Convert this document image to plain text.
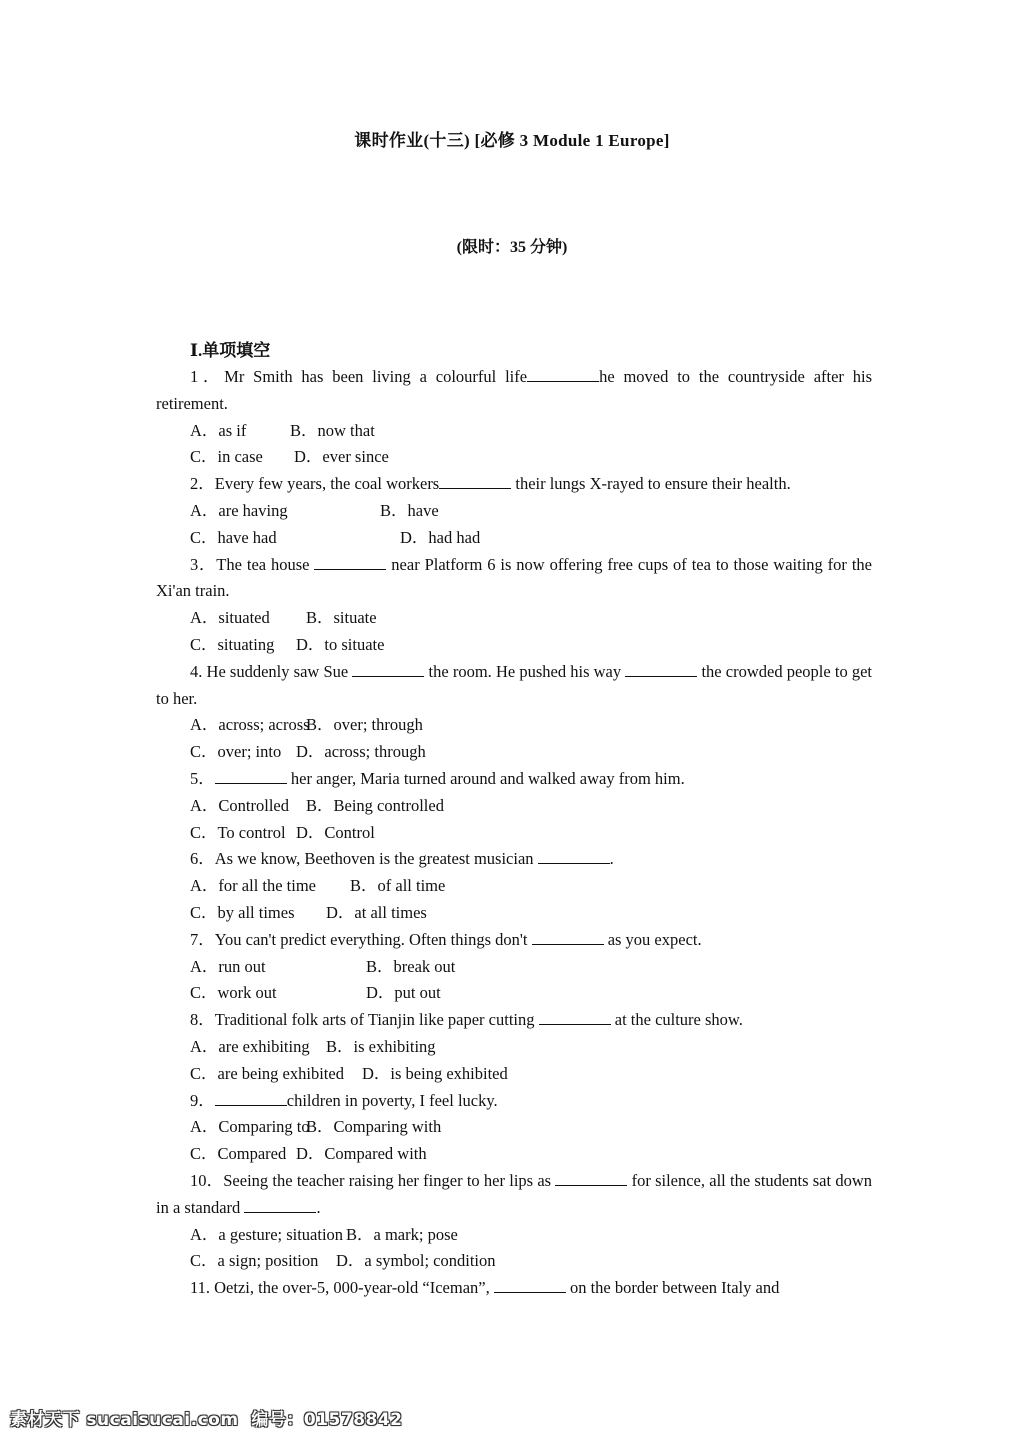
课时作业(十三) [必修 3 Module 1 Europe]
(限时：35 分钟)
Ⅰ.单项填空
1．Mr Smith has been living a colourful life	he moved to the countryside after his retirement.
A．as if	B．now that
C．in case D．ever since
2．Every few years, the coal workers	their lungs X-rayed to ensure their health.
A．are having	B．have
C．have had	D．had had
3．The tea house	near Platform 6 is now offering free cups of tea to those waiting for the Xi'an train.
A．situated B．situate
C．situating D．to situate
4. He suddenly saw Sue	the room. He pushed his way	the crowded people to get to her.
A．across; acrossB．over; through
C．over; into D．across; through
5．	her anger, Maria turned around and walked away from him.
A．Controlled B．Being controlled
C．To control D．Control
6．As we know, Beethoven is the greatest musician	.
A．for all the time B．of all time
C．by all times D．at all times
7．You can't predict everything. Often things don't	as you expect.
A．run out	B．break out
C．work out	D．put out
8．Traditional folk arts of Tianjin like paper cutting	at the culture show.
A．are exhibiting B．is exhibiting
C．are being exhibited D．is being exhibited
9．	children in poverty, I feel lucky.
A．Comparing toB．Comparing with
C．Compared D．Compared with
10．Seeing the teacher raising her finger to her lips as	for silence, all the students sat down in a standard	.
A．a gesture; situation B．a mark; pose
C．a sign; position D．a symbol; condition
11. Oetzi, the over-5, 000-year-old “Iceman”,	on the border between Italy and
素材天下 sucaisucai.com  编号：01578842
